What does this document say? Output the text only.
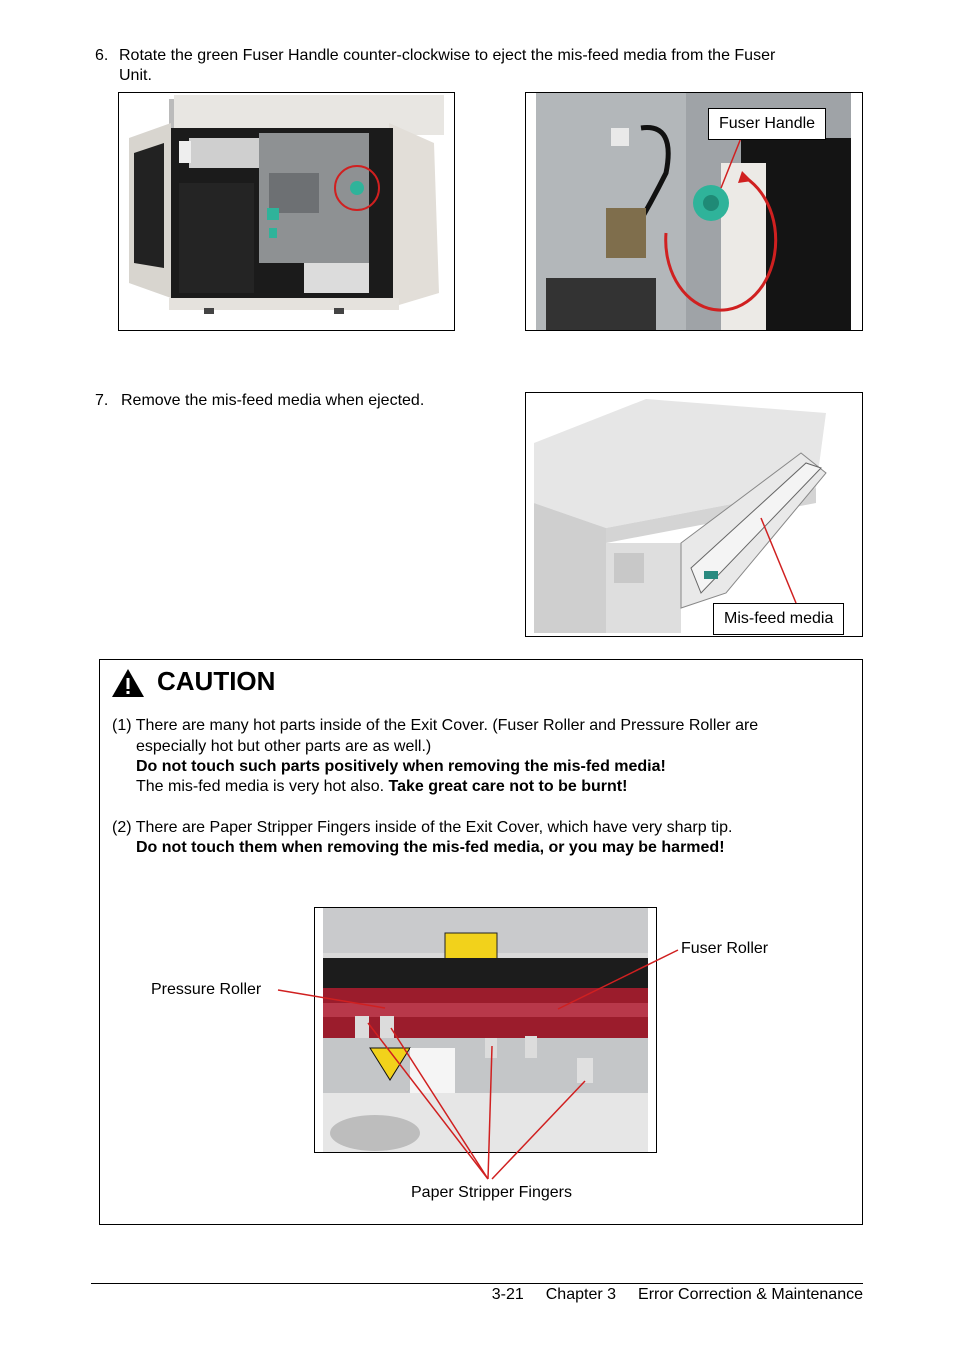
6. Rotate the green Fuser Handle counter-clockwise to eject the mis-feed media from the Fuser
Unit.
Fuser Handle
7. Remove the mis-feed media when ejected.
Mis-feed media
CAUTION
(1) There are many hot parts inside of the Exit Cover. (Fuser Roller and Pressure Roller are
especially hot but other parts are as well.)
Do not touch such parts positively when removing the mis-fed media!
The mis-fed media is very hot also. Take great care not to be burnt!
(2) There are Paper Stripper Fingers inside of the Exit Cover, which have very sharp tip.
Do not touch them when removing the mis-fed media, or you may be harmed!
Fuser Roller
Pressure Roller
Paper Stripper Fingers
3-21 Chapter 3 Error Correction & Maintenance
